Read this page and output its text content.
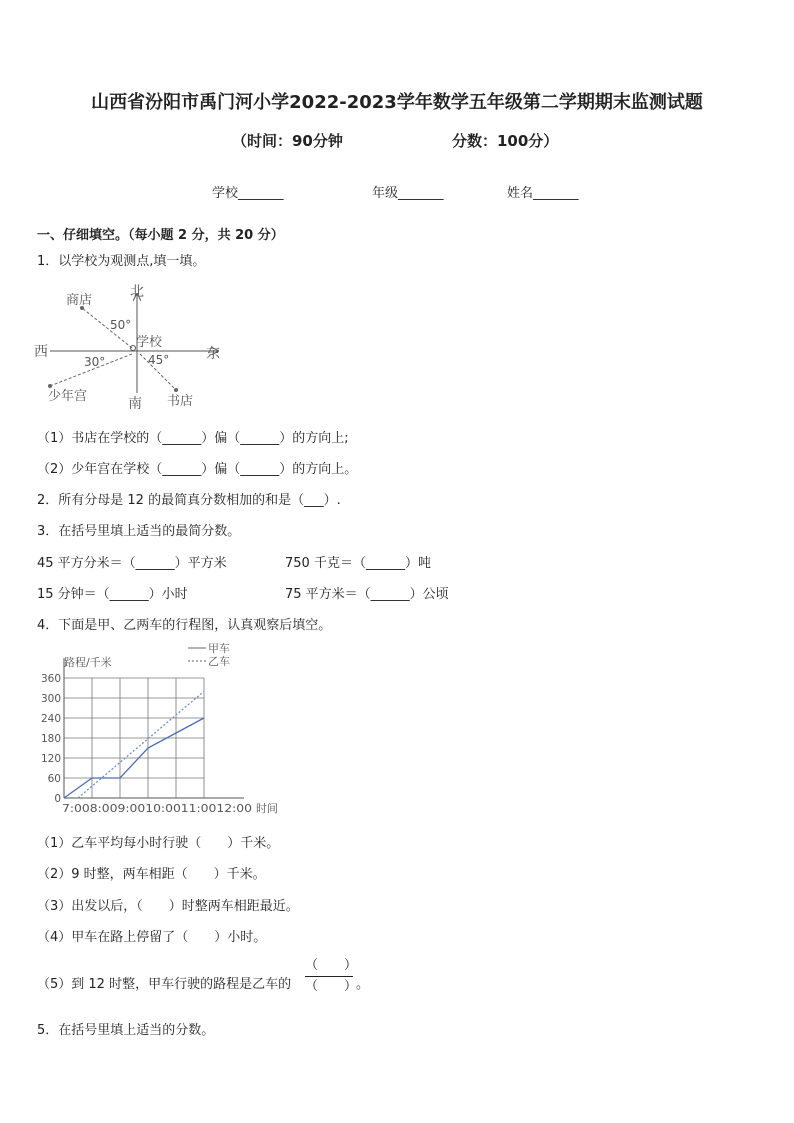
山西省汾阳市禹门河小学2022-2023学年数学五年级第二学期期末监测试题
（时间：90分钟	分数：100分）
学校_______	年级_______	姓名_______
一、仔细填空。（每小题 2 分，共 20 分）
1．以学校为观测点,填一填。
北
南
西	东
学校
商店
少年宫	书店
50°
30°	45°
（1）书店在学校的（______）偏（______）的方向上;
（2）少年宫在学校（______）偏（______）的方向上。
2．所有分母是 12 的最简真分数相加的和是（___）.
3．在括号里填上适当的最简分数。
45 平方分米＝（______）平方米	750 千克＝（______）吨
15 分钟＝（______）小时	75 平方米＝（______）公顷
4．下面是甲、乙两车的行程图，认真观察后填空。
0
60
120
180
240
300
360
路程/千米
时间
7:008:009:0010:0011:0012:00
甲车
乙车
（1）乙车平均每小时行驶（　　）千米。
（2）9 时整，两车相距（　　）千米。
（3）出发以后，（　　）时整两车相距最近。
（4）甲车在路上停留了（　　）小时。
（5）到 12 时整，甲车行驶的路程是乙车的
（　　）
（　　）
。
5．在括号里填上适当的分数。
